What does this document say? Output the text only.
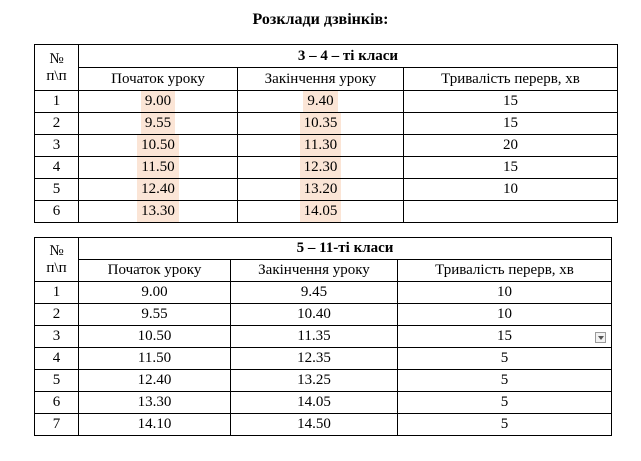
Розклади дзвінків:
№
п\п	3 – 4 – ті класи		
	Початок уроку	Закінчення уроку	Тривалість перерв, хв
1	9.00	9.40	15
2	9.55	10.35	15
3	10.50	11.30	20
4	11.50	12.30	15
5	12.40	13.20	10
6	13.30	14.05	
№
п\п	5 – 11-ті класи		
	Початок уроку	Закінчення уроку	Тривалість перерв, хв
1	9.00	9.45	10
2	9.55	10.40	10
3	10.50	11.35	15
4	11.50	12.35	5
5	12.40	13.25	5
6	13.30	14.05	5
7	14.10	14.50	5
